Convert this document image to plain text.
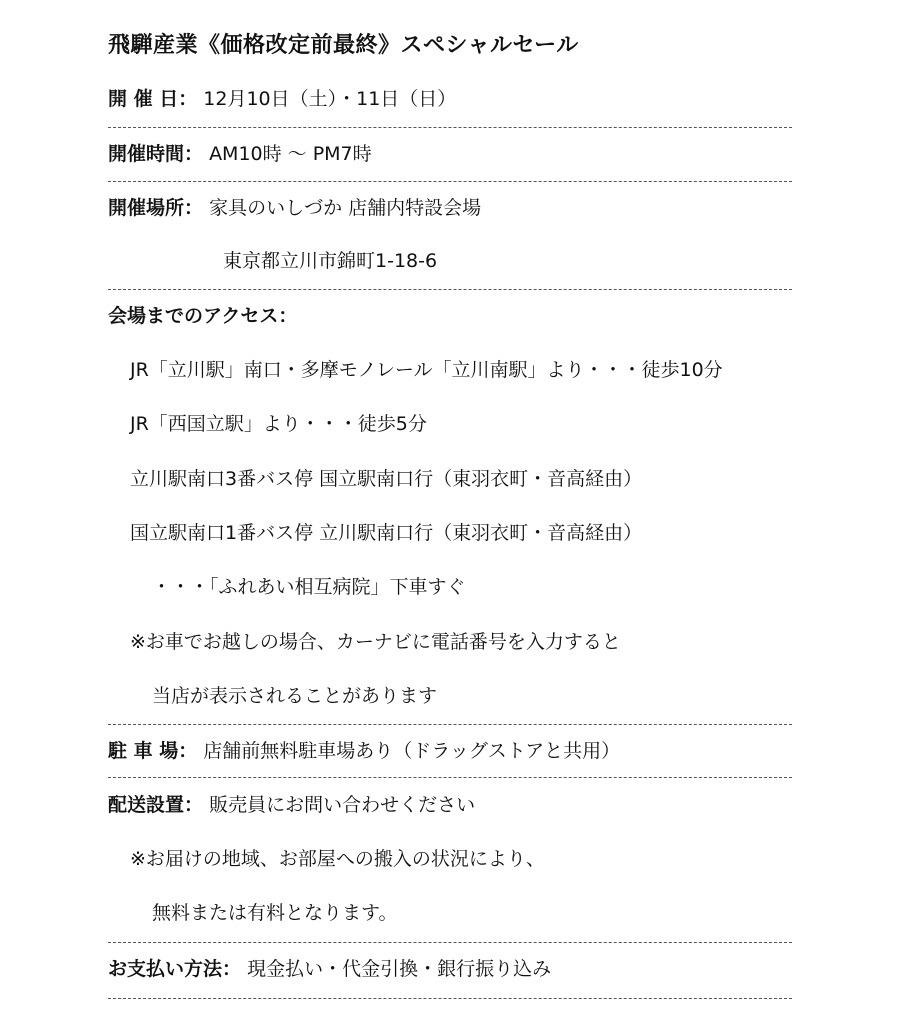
飛騨産業《価格改定前最終》スペシャルセール
開 催 日： 12月10日（土）・11日（日）
開催時間： AM10時 ～ PM7時
開催場所： 家具のいしづか 店舗内特設会場
東京都立川市錦町1-18-6
会場までのアクセス：
JR「立川駅」南口・多摩モノレール「立川南駅」より・・・徒歩10分
JR「西国立駅」より・・・徒歩5分
立川駅南口3番バス停 国立駅南口行（東羽衣町・音高経由）
国立駅南口1番バス停 立川駅南口行（東羽衣町・音高経由）
・・・「ふれあい相互病院」下車すぐ
※お車でお越しの場合、カーナビに電話番号を入力すると
当店が表示されることがあります
駐 車 場： 店舗前無料駐車場あり（ドラッグストアと共用）
配送設置： 販売員にお問い合わせください
※お届けの地域、お部屋への搬入の状況により、
無料または有料となります。
お支払い方法： 現金払い・代金引換・銀行振り込み
